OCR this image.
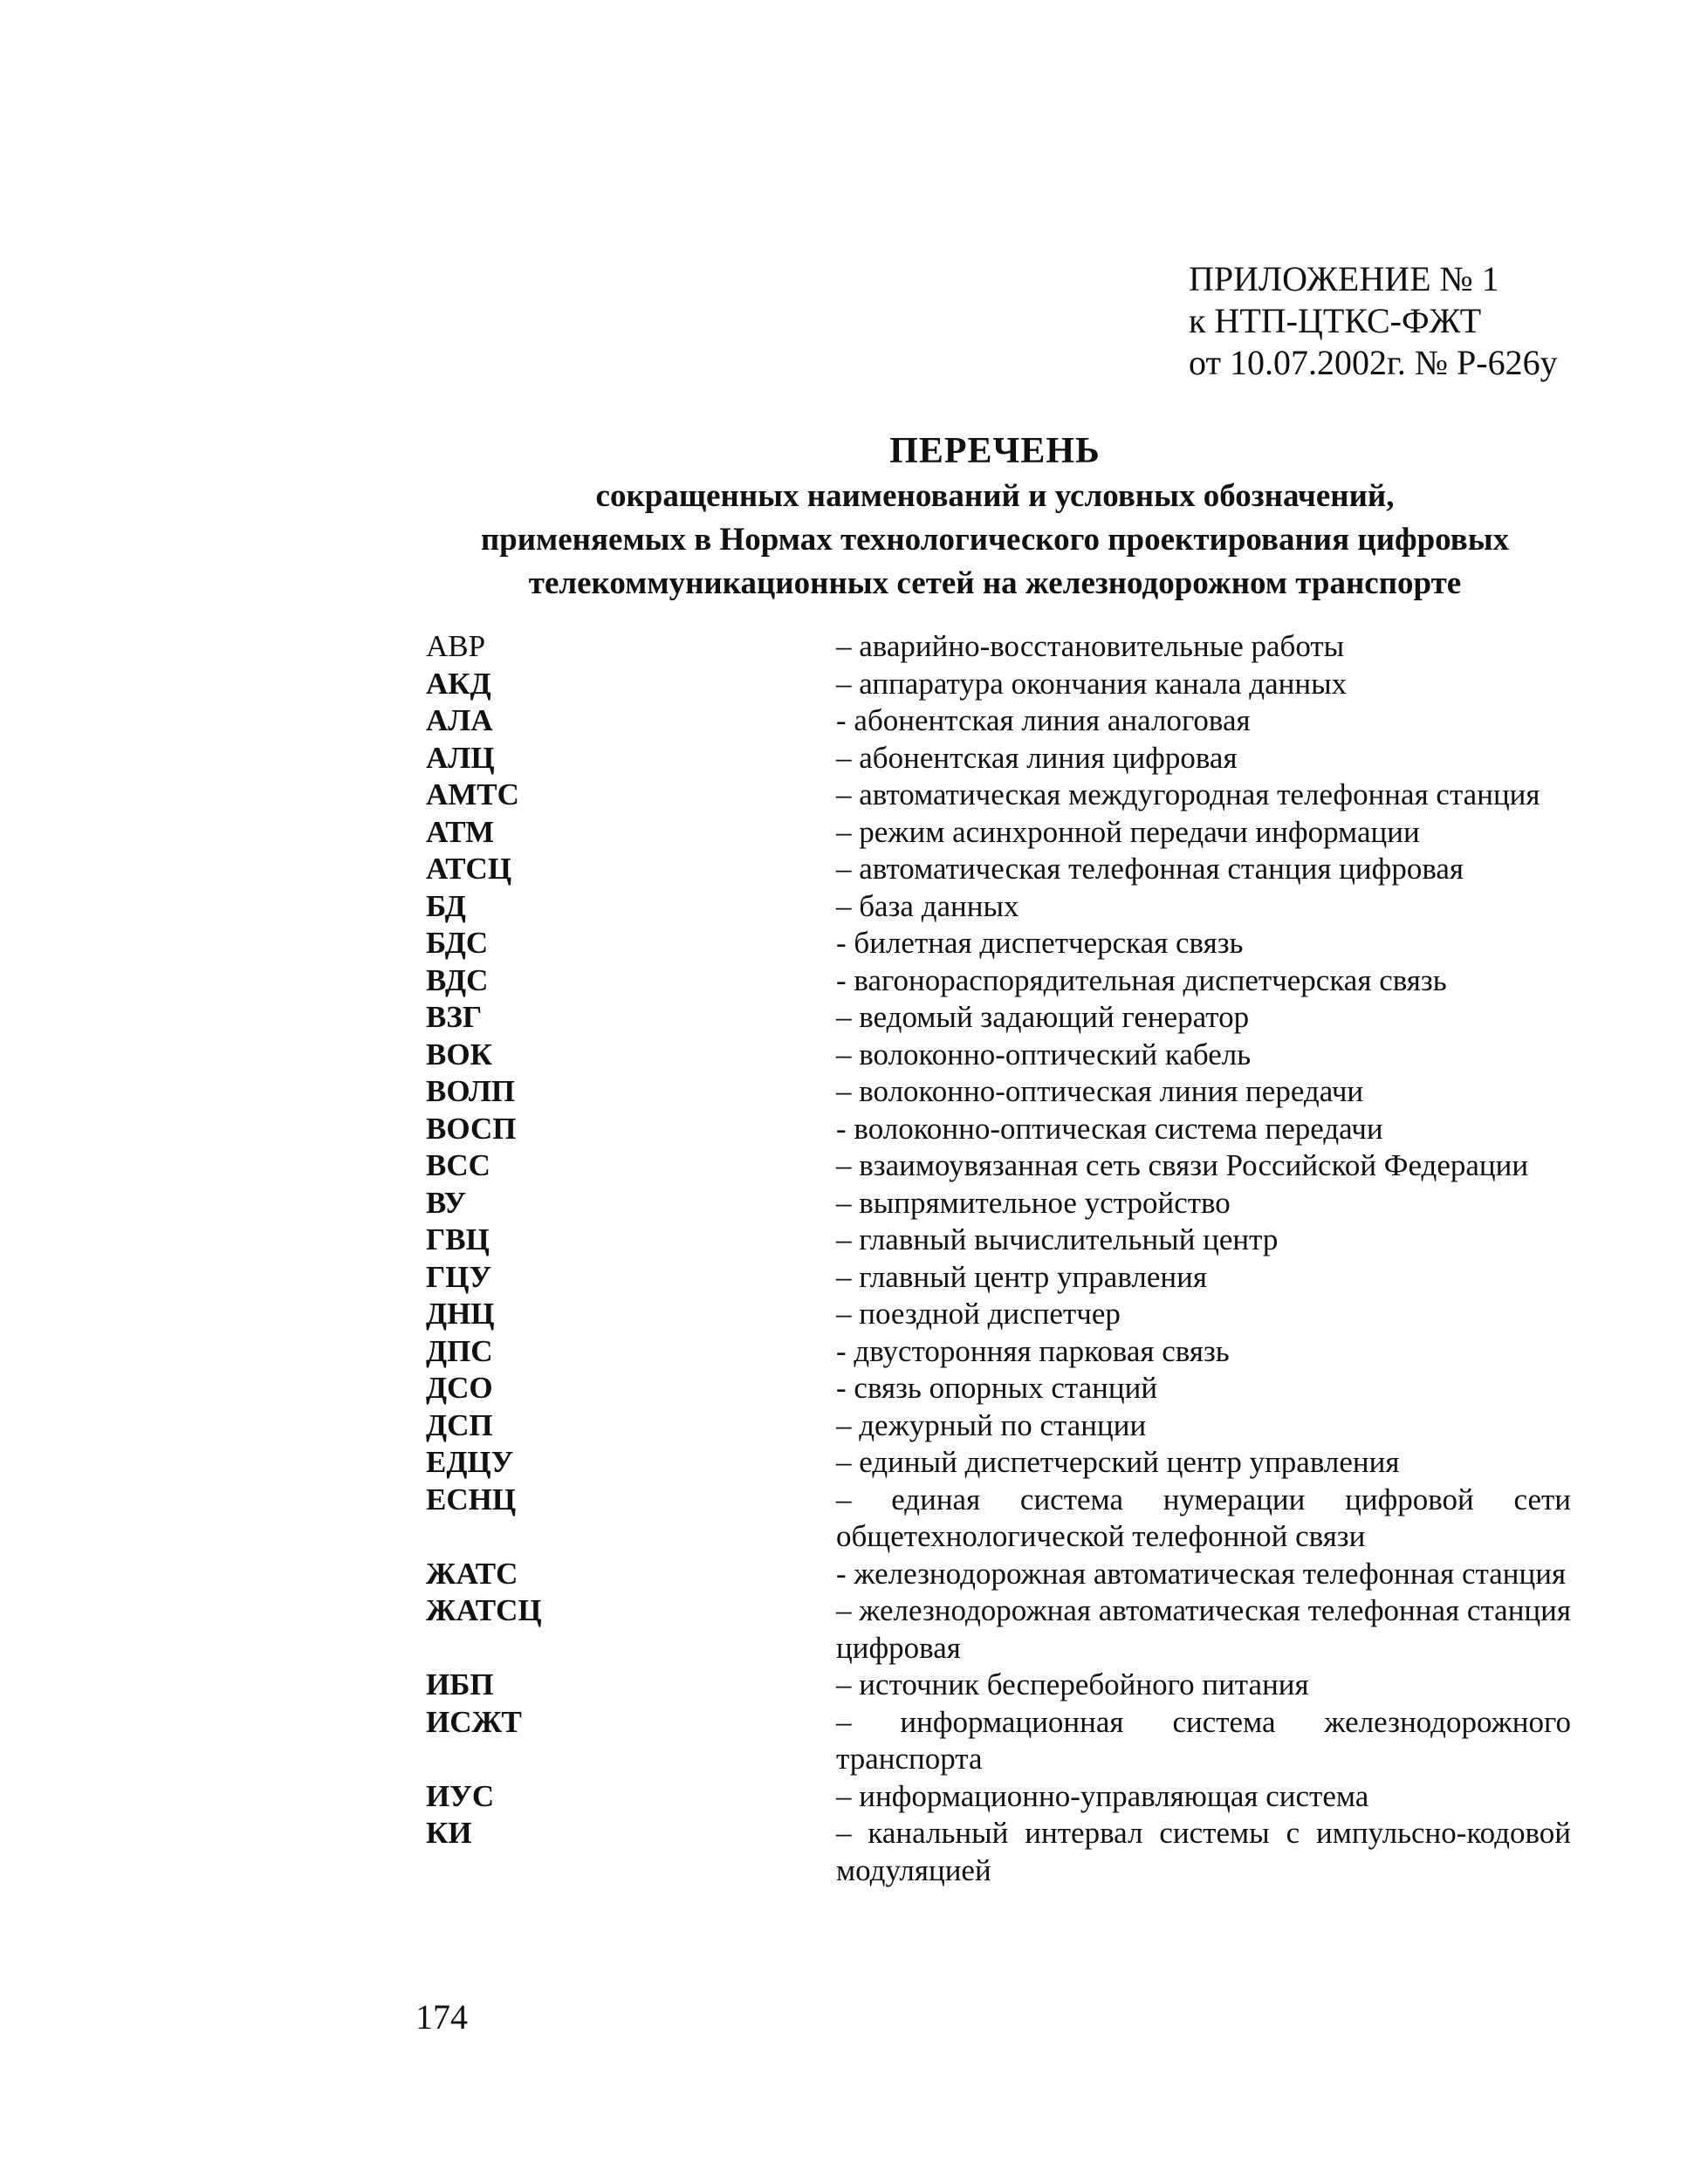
ПРИЛОЖЕНИЕ № 1
к НТП-ЦТКС-ФЖТ
от 10.07.2002г. № Р-626у
ПЕРЕЧЕНЬ
сокращенных наименований и условных обозначений,
применяемых в Нормах технологического проектирования цифровых
телекоммуникационных сетей на железнодорожном транспорте
АВР	– аварийно-восстановительные работы
АКД	– аппаратура окончания канала данных
АЛА	- абонентская линия аналоговая
АЛЦ	– абонентская линия цифровая
АМТС	– автоматическая междугородная телефонная станция
АТМ	– режим асинхронной передачи информации
АТСЦ	– автоматическая телефонная станция цифровая
БД	– база данных
БДС	- билетная диспетчерская связь
ВДС	- вагонораспорядительная диспетчерская связь
ВЗГ	– ведомый задающий генератор
ВОК	– волоконно-оптический кабель
ВОЛП	– волоконно-оптическая линия передачи
ВОСП	- волоконно-оптическая система передачи
ВСС	– взаимоувязанная сеть связи Российской Федерации
ВУ	– выпрямительное устройство
ГВЦ	– главный вычислительный центр
ГЦУ	– главный центр управления
ДНЦ	– поездной диспетчер
ДПС	- двусторонняя парковая связь
ДСО	- связь опорных станций
ДСП	– дежурный по станции
ЕДЦУ	– единый диспетчерский центр управления
ЕСНЦ	– единая система нумерации цифровой сети общетехнологической телефонной связи
ЖАТС	- железнодорожная автоматическая телефонная станция
ЖАТСЦ	– железнодорожная автоматическая телефонная станция цифровая
ИБП	– источник бесперебойного питания
ИСЖТ	– информационная система железнодорожного транспорта
ИУС	– информационно-управляющая система
КИ	– канальный интервал системы с импульсно-кодовой модуляцией
174
